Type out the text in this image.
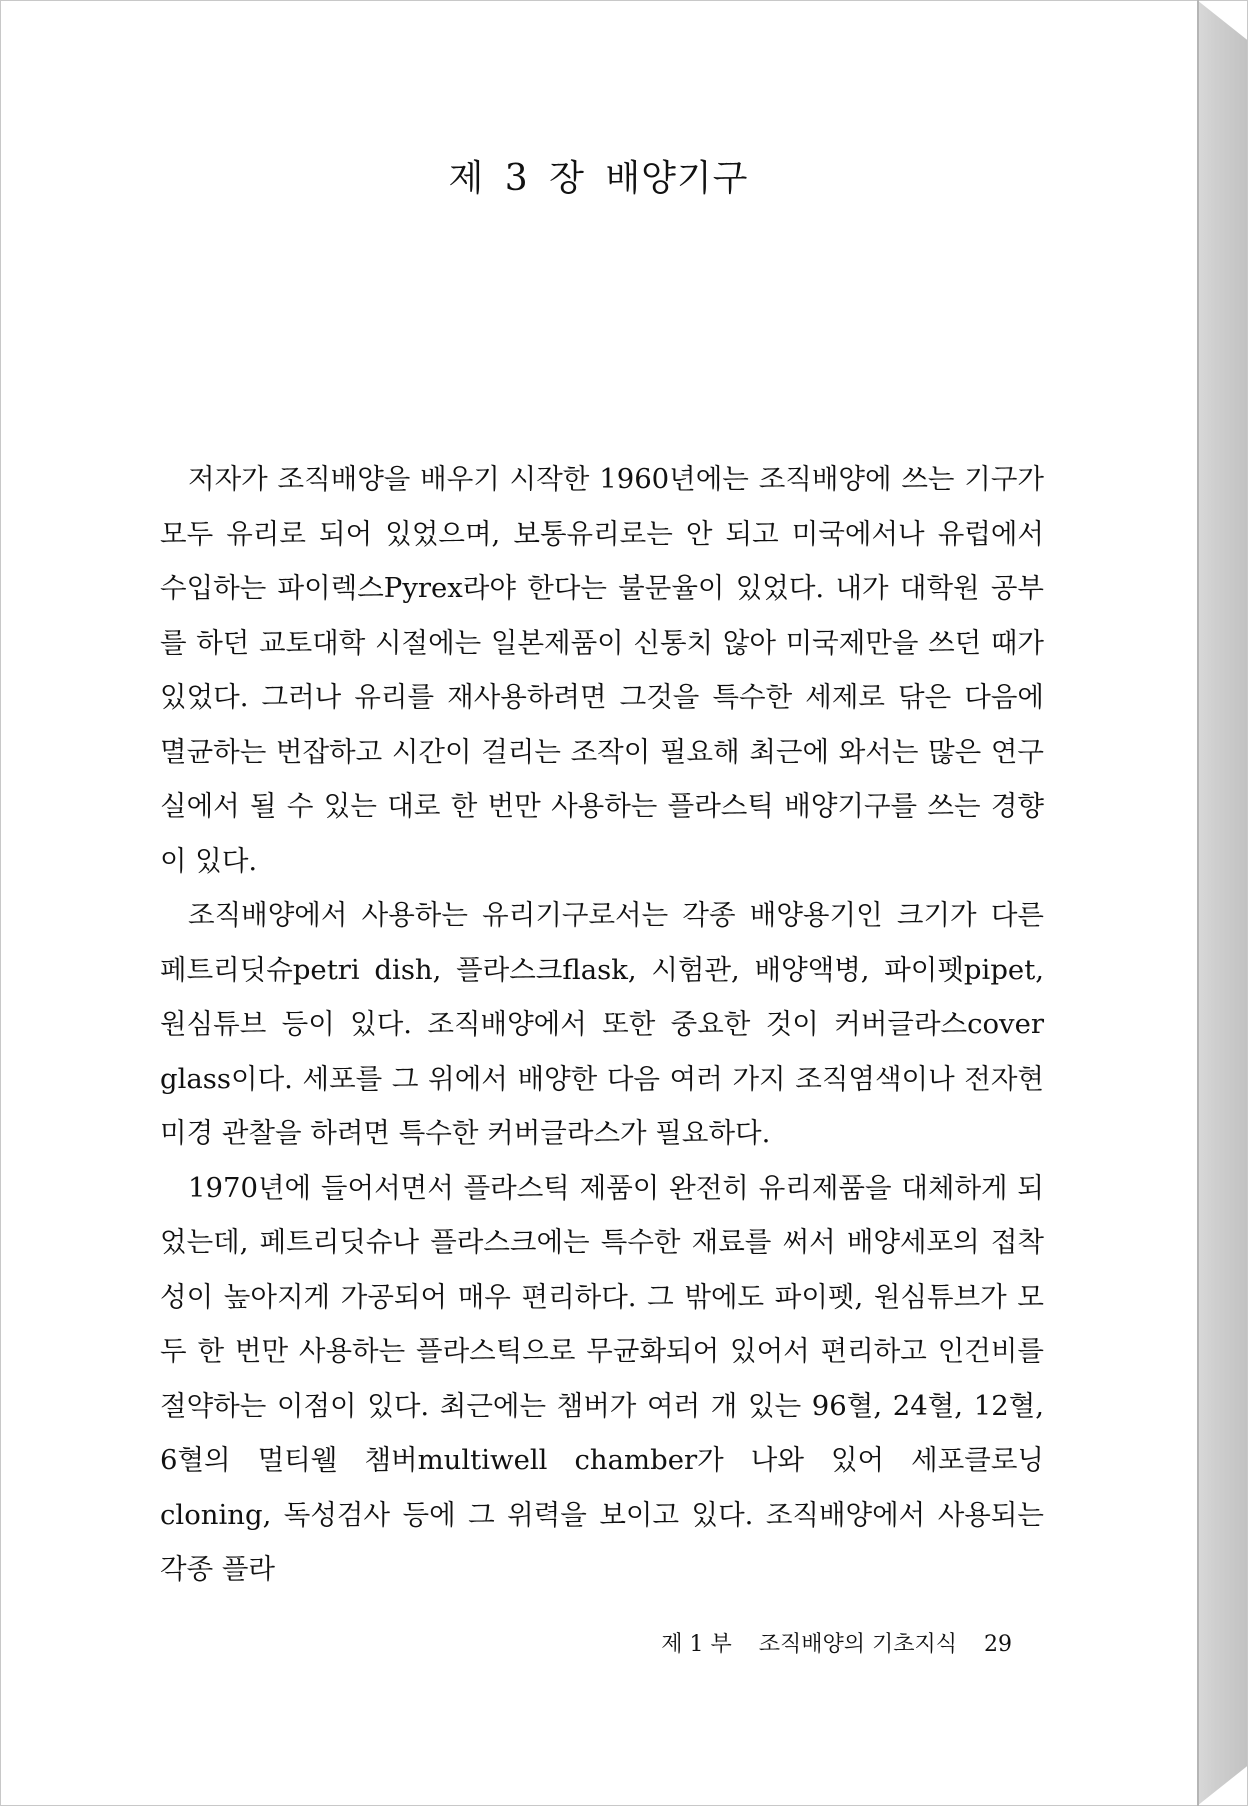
제 3 장 배양기구

저자가 조직배양을 배우기 시작한 1960년에는 조직배양에 쓰는 기구가 모두 유리로 되어 있었으며, 보통유리로는 안 되고 미국에서나 유럽에서 수입하는 파이렉스Pyrex라야 한다는 불문율이 있었다. 내가 대학원 공부를 하던 교토대학 시절에는 일본제품이 신통치 않아 미국제만을 쓰던 때가 있었다. 그러나 유리를 재사용하려면 그것을 특수한 세제로 닦은 다음에 멸균하는 번잡하고 시간이 걸리는 조작이 필요해 최근에 와서는 많은 연구실에서 될 수 있는 대로 한 번만 사용하는 플라스틱 배양기구를 쓰는 경향이 있다.

조직배양에서 사용하는 유리기구로서는 각종 배양용기인 크기가 다른 페트리딧슈petri dish, 플라스크flask, 시험관, 배양액병, 파이펫pipet, 원심튜브 등이 있다. 조직배양에서 또한 중요한 것이 커버글라스cover glass이다. 세포를 그 위에서 배양한 다음 여러 가지 조직염색이나 전자현미경 관찰을 하려면 특수한 커버글라스가 필요하다.

1970년에 들어서면서 플라스틱 제품이 완전히 유리제품을 대체하게 되었는데, 페트리딧슈나 플라스크에는 특수한 재료를 써서 배양세포의 접착성이 높아지게 가공되어 매우 편리하다. 그 밖에도 파이펫, 원심튜브가 모두 한 번만 사용하는 플라스틱으로 무균화되어 있어서 편리하고 인건비를 절약하는 이점이 있다. 최근에는 챔버가 여러 개 있는 96혈, 24혈, 12혈, 6혈의 멀티웰 챔버multiwell chamber가 나와 있어 세포클로닝cloning, 독성검사 등에 그 위력을 보이고 있다. 조직배양에서 사용되는 각종 플라

제 1 부 조직배양의 기초지식 29
